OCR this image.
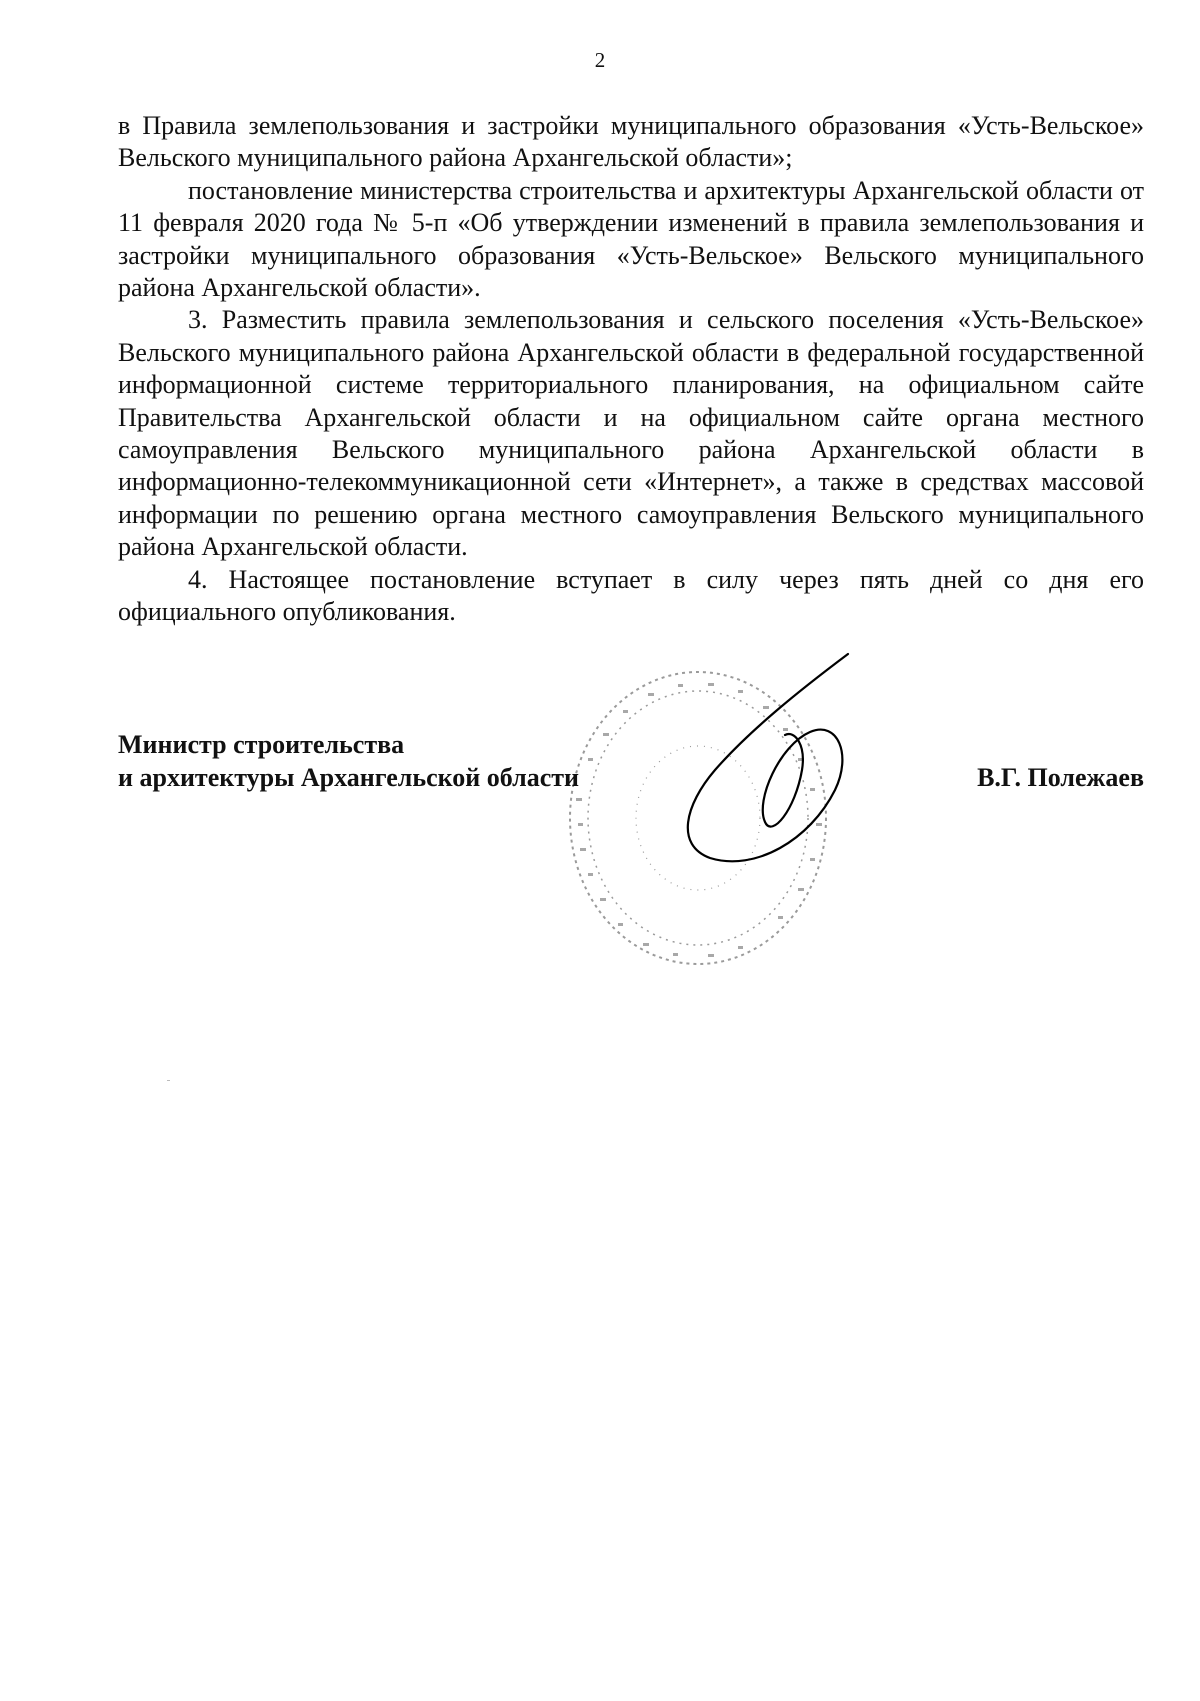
2

в Правила землепользования и застройки муниципального образования «Усть-Вельское» Вельского муниципального района Архангельской области»;

постановление министерства строительства и архитектуры Архангельской области от 11 февраля 2020 года № 5-п «Об утверждении изменений в правила землепользования и застройки муниципального образования «Усть-Вельское» Вельского муниципального района Архангельской области».

3. Разместить правила землепользования и сельского поселения «Усть-Вельское» Вельского муниципального района Архангельской области в федеральной государственной информационной системе территориального планирования, на официальном сайте Правительства Архангельской области и на официальном сайте органа местного самоуправления Вельского муниципального района Архангельской области в информационно-телекоммуникационной сети «Интернет», а также в средствах массовой информации по решению органа местного самоуправления Вельского муниципального района Архангельской области.

4. Настоящее постановление вступает в силу через пять дней со дня его официального опубликования.

Министр строительства
и архитектуры Архангельской области	В.Г. Полежаев
